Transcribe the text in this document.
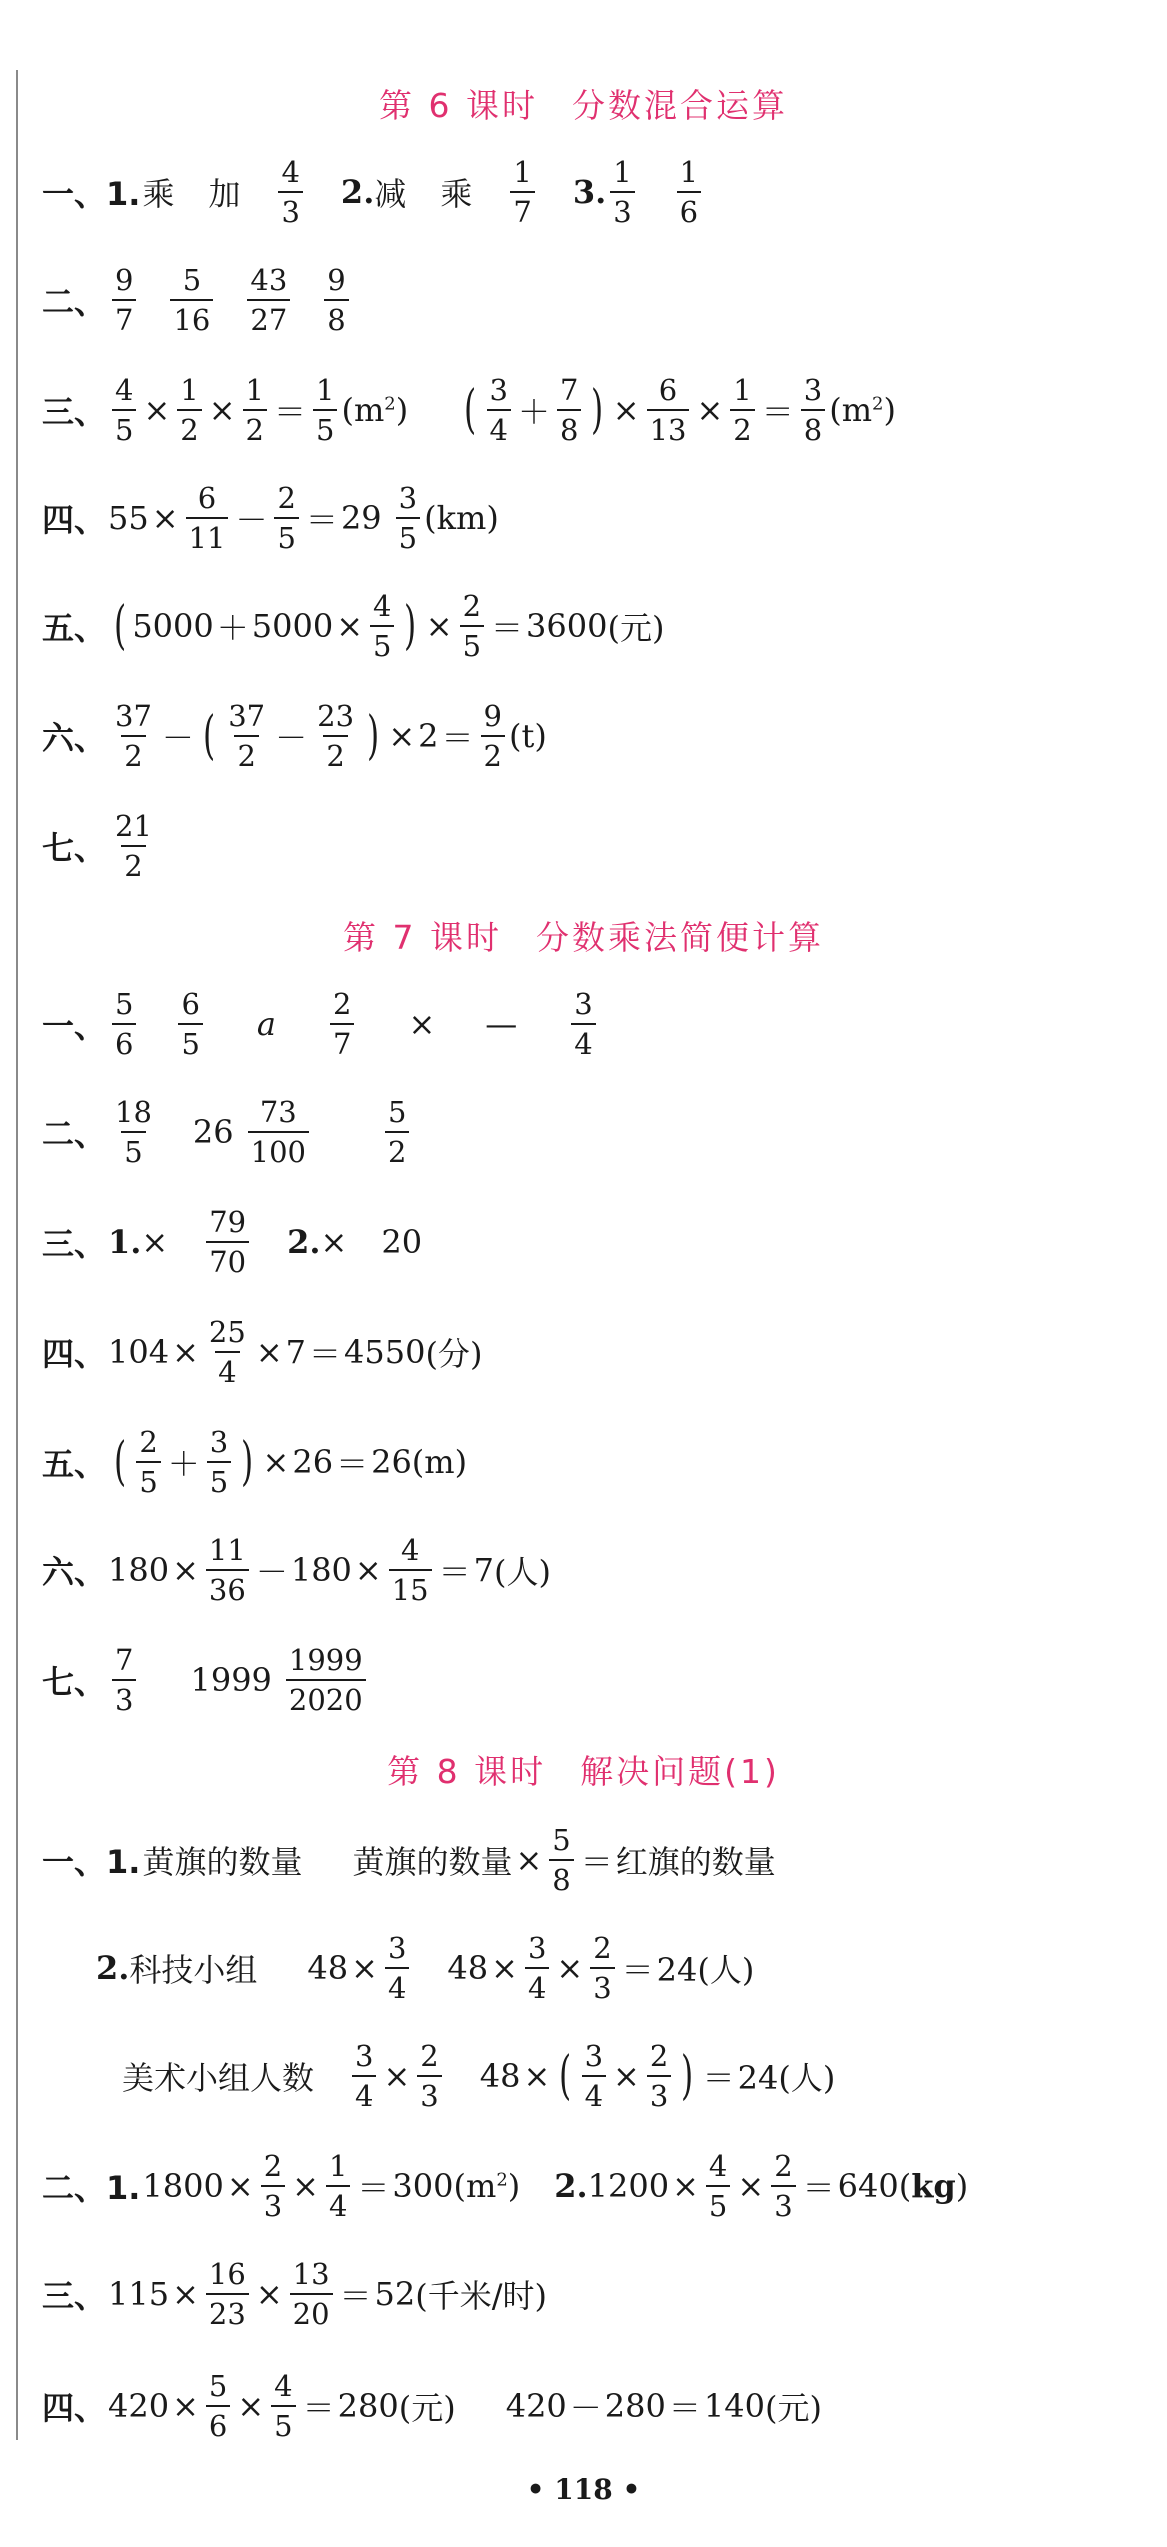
第 6 课时 分数混合运算
一、1. 乘 加 $\frac{4}{3} 2$. 减 乘 $\frac{1}{7} 3$. $\frac{1}{3} \frac{1}{6}$
二、 $\frac{9}{7} \frac{5}{16} \frac{43}{27} \frac{9}{8}$
三、 $\frac{4}{5} \times \frac{1}{2} \times \frac{1}{2} = \frac{1}{5} (m^2)$ ( $\frac{3}{4} + \frac{7}{8}$ ) × $\frac{6}{13} \times \frac{1}{2} = \frac{3}{8} (m^2)$
四、 $55 \times \frac{6}{11} - \frac{2}{5} = 29 \frac{3}{5} (km)$
五、 ( $5000 + 5000 \times \frac{4}{5}$ ) × $\frac{2}{5} = 3600$ (元)
六、 $\frac{37}{2}$ － ( $\frac{37}{2} - \frac{23}{2}$ ) × $2 = \frac{9}{2} (t)$
七、 $\frac{21}{2}$
第 7 课时 分数乘法简便计算
一、 $\frac{5}{6} \frac{6}{5}$ a $\frac{2}{7}$ × — $\frac{3}{4}$
二、 $\frac{18}{5} 26 \frac{73}{100}$	$\frac{5}{2}$
三、 1. × $\frac{79}{70} 2$. × 20
四、 $104 \times \frac{25}{4} \times 7 = 4550$ (分)
五、 ( $\frac{2}{5} + \frac{3}{5}$ ) × 26 ＝ 26 (m)
六、 $180 \times \frac{11}{36} - 180 \times \frac{4}{15} = 7$ (人)
七、 $\frac{7}{3} 1999 \frac{1999}{2020}$
第 8 课时 解决问题(1)
一、1. 黄旗的数量 黄旗的数量 × $\frac{5}{8}$ ＝ 红旗的数量
2. 科技小组 $48 \times \frac{3}{4} 48 \times \frac{3}{4} \times \frac{2}{3} = 24$(人)
美术小组人数 $\frac{3}{4} \times \frac{2}{3} 48$ × ( $\frac{3}{4} \times \frac{2}{3}$ ) ＝ 24(人)
二、1. $1800 \times \frac{2}{3} \times \frac{1}{4} = 300$ $(m^2)$ 2. $1200 \times \frac{4}{5} \times \frac{2}{3} = 640$ (kg)
三、 $115 \times \frac{16}{23} \times \frac{13}{20} = 52$ (千米/时)
四、 $420 \times \frac{5}{6} \times \frac{4}{5} = 280$ (元) 420 － 280 ＝ 140 (元)
• 118 •
